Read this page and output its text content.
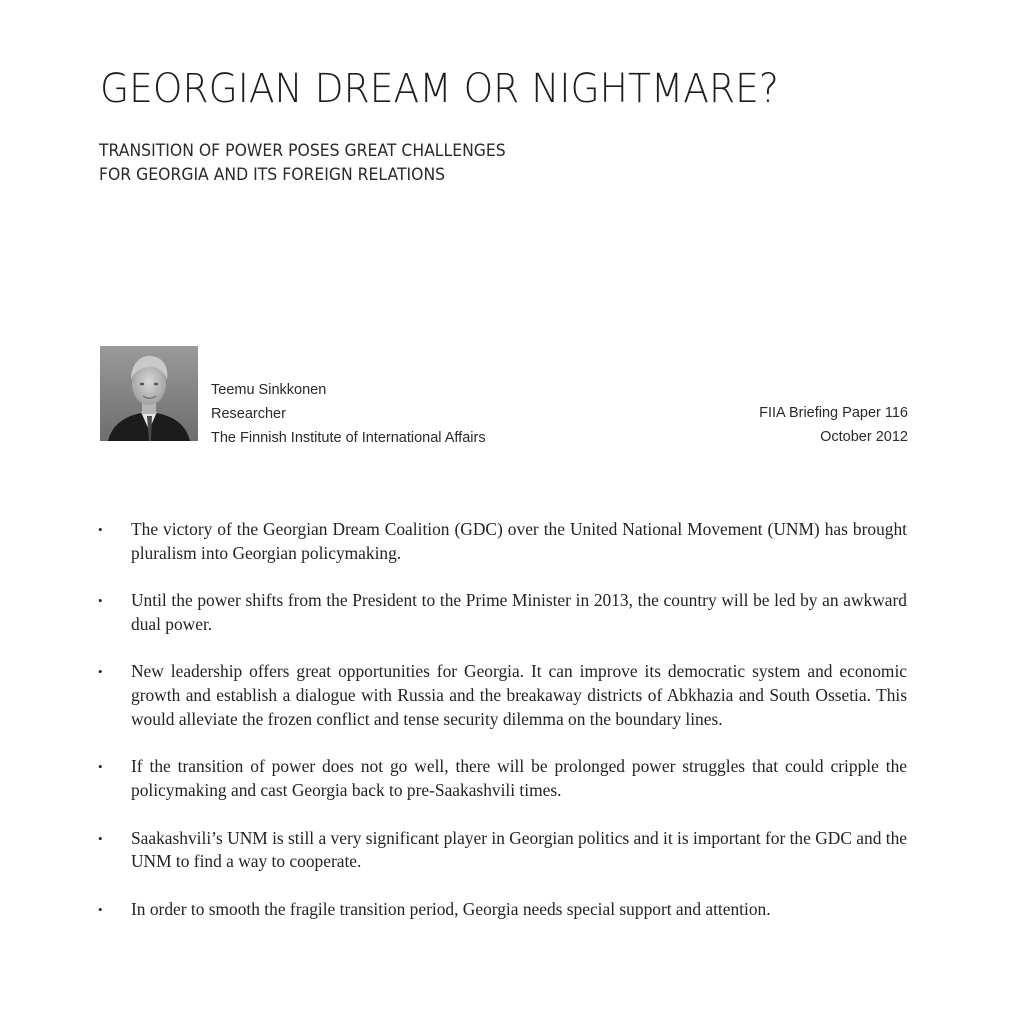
GEORGIAN DREAM OR NIGHTMARE?
TRANSITION OF POWER POSES GREAT CHALLENGES
FOR GEORGIA AND ITS FOREIGN RELATIONS
Teemu Sinkkonen
Researcher
The Finnish Institute of International Affairs
FIIA Briefing Paper 116
October 2012
• The victory of the Georgian Dream Coalition (GDC) over the United National Movement (UNM) has brought pluralism into Georgian policymaking.
• Until the power shifts from the President to the Prime Minister in 2013, the country will be led by an awkward dual power.
• New leadership offers great opportunities for Georgia. It can improve its democratic system and economic growth and establish a dialogue with Russia and the breakaway districts of Abkhazia and South Ossetia. This would alleviate the frozen conflict and tense security dilemma on the boundary lines.
• If the transition of power does not go well, there will be prolonged power struggles that could cripple the policymaking and cast Georgia back to pre-Saakashvili times.
• Saakashvili’s UNM is still a very significant player in Georgian politics and it is important for the GDC and the UNM to find a way to cooperate.
• In order to smooth the fragile transition period, Georgia needs special support and attention.
